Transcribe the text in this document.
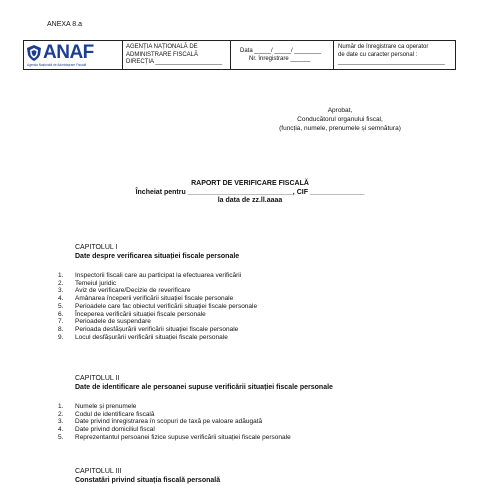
ANEXA 8.a
ANAF
Agenția Națională de Administrare Fiscală
AGENȚIA NAȚIONALĂ DE
ADMINISTRARE FISCALĂ
DIRECȚIA ____________________
Data _____/ _____/ ________
Nr. înregistrare ______
Număr de înregistrare ca operator
de date cu caracter personal :
________________________________
Aprobat,
Conducătorul organului fiscal,
(funcția, numele, prenumele și semnătura)
RAPORT DE VERIFICARE FISCALĂ
Încheiat pentru ___________________________, CIF ______________
la data de zz.ll.aaaa
CAPITOLUL I
Date despre verificarea situației fiscale personale
1.	Inspectorii fiscali care au participat la efectuarea verificării
2.	Temeiul juridic
3.	Aviz de verificare/Decizie de reverificare
4.	Amânarea începerii verificării situației fiscale personale
5.	Perioadele care fac obiectul verificării situației fiscale personale
6.	Începerea verificării situației fiscale personale
7.	Perioadele de suspendare
8.	Perioada desfășurării verificării situației fiscale personale
9.	Locul desfășurării verificării situației fiscale personale
CAPITOLUL II
Date de identificare ale persoanei supuse verificării situației fiscale personale
1.	Numele și prenumele
2.	Codul de identificare fiscală
3.	Date privind înregistrarea în scopuri de taxă pe valoare adăugată
4.	Date privind domiciliul fiscal
5.	Reprezentantul persoanei fizice supuse verificării situației fiscale personale
CAPITOLUL III
Constatări privind situația fiscală personală
